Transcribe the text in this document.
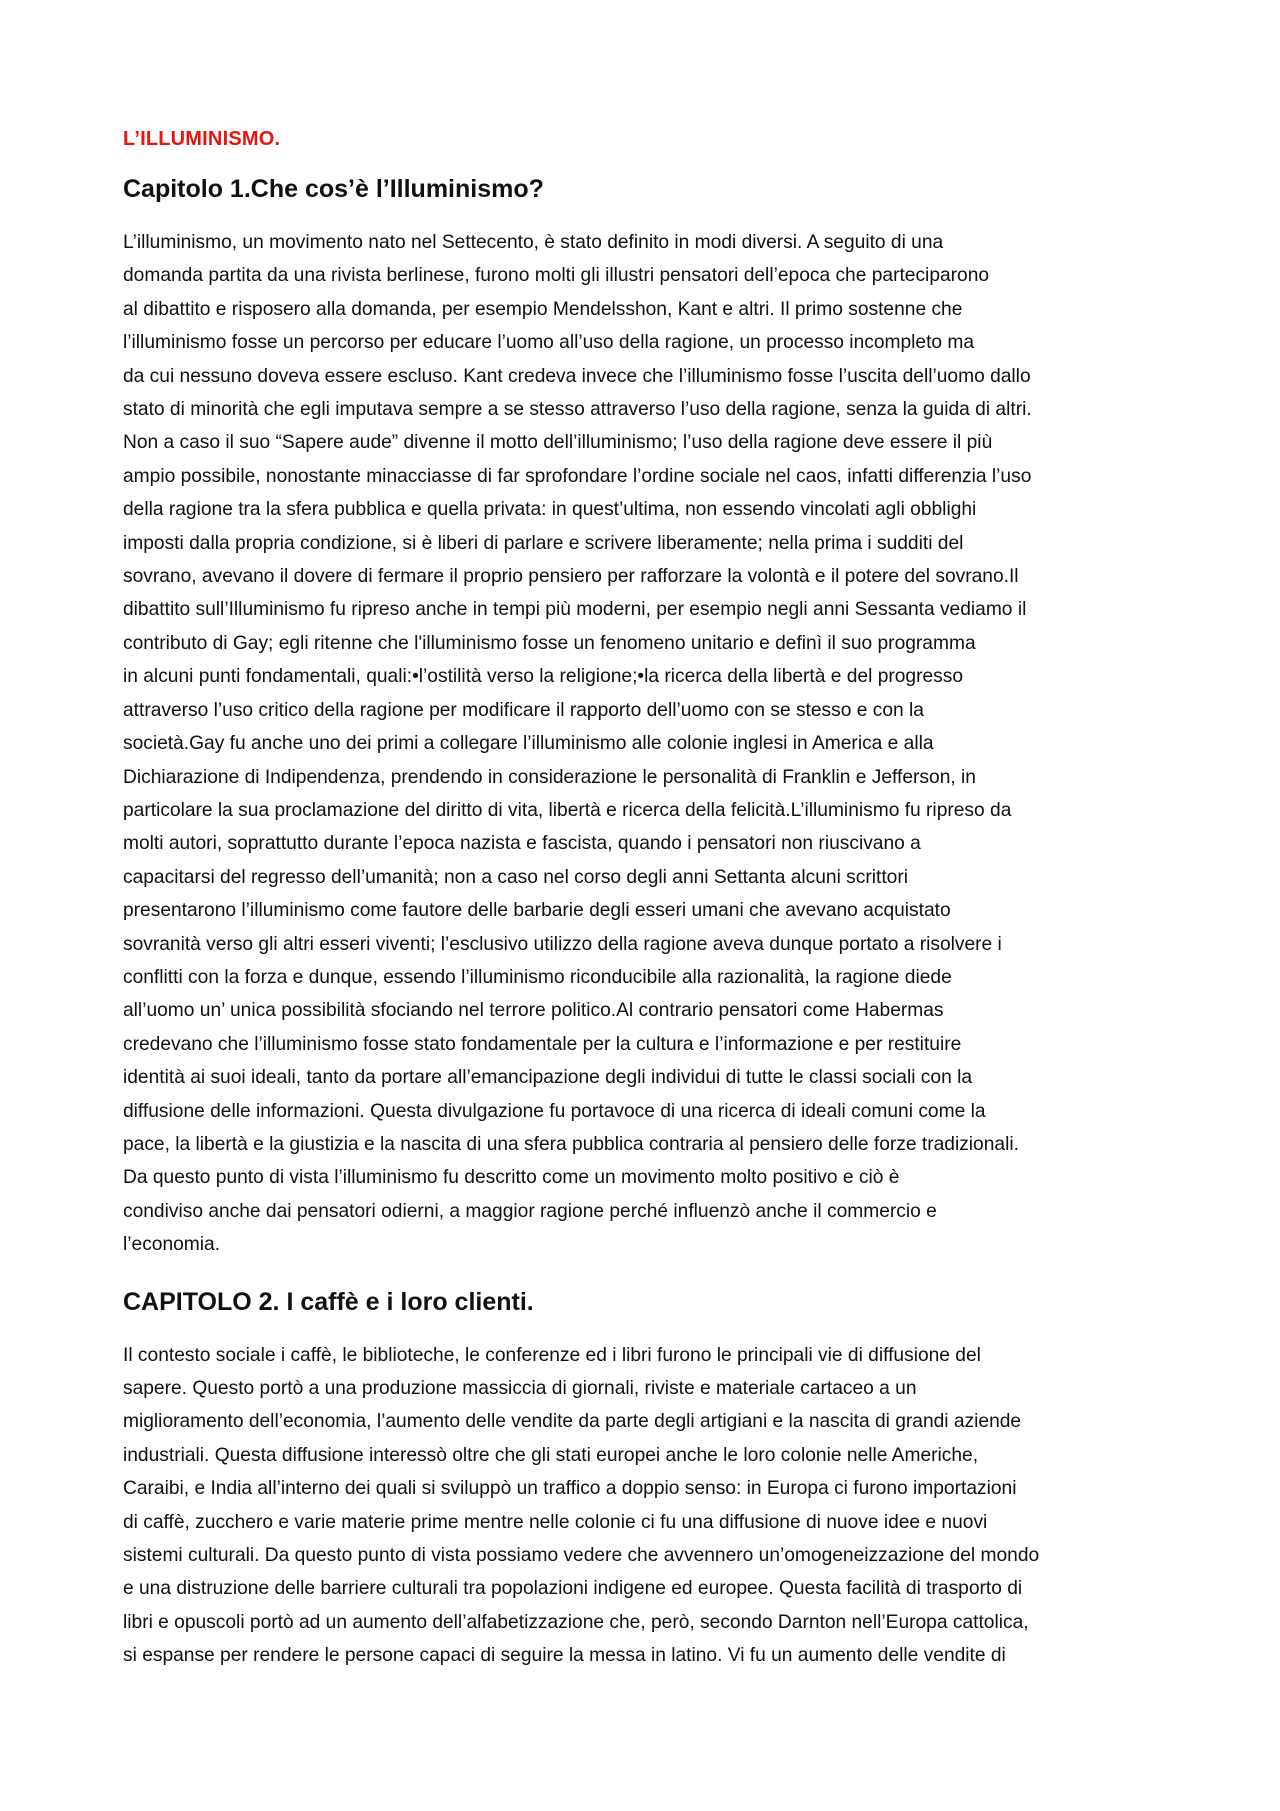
L’ILLUMINISMO.
Capitolo 1.Che cos’è l’Illuminismo?
L’illuminismo, un movimento nato nel Settecento, è stato definito in modi diversi. A seguito di una
domanda partita da una rivista berlinese, furono molti gli illustri pensatori dell’epoca che parteciparono
al dibattito e risposero alla domanda, per esempio Mendelsshon, Kant e altri. Il primo sostenne che
l’illuminismo fosse un percorso per educare l’uomo all’uso della ragione, un processo incompleto ma
da cui nessuno doveva essere escluso. Kant credeva invece che l’illuminismo fosse l’uscita dell’uomo dallo
stato di minorità che egli imputava sempre a se stesso attraverso l’uso della ragione, senza la guida di altri.
Non a caso il suo “Sapere aude” divenne il motto dell’illuminismo; l’uso della ragione deve essere il più
ampio possibile, nonostante minacciasse di far sprofondare l’ordine sociale nel caos, infatti differenzia l’uso
della ragione tra la sfera pubblica e quella privata: in quest’ultima, non essendo vincolati agli obblighi
imposti dalla propria condizione, si è liberi di parlare e scrivere liberamente; nella prima i sudditi del
sovrano, avevano il dovere di fermare il proprio pensiero per rafforzare la volontà e il potere del sovrano.Il
dibattito sull’Illuminismo fu ripreso anche in tempi più moderni, per esempio negli anni Sessanta vediamo il
contributo di Gay; egli ritenne che l'illuminismo fosse un fenomeno unitario e definì il suo programma
in alcuni punti fondamentali, quali:•l’ostilità verso la religione;•la ricerca della libertà e del progresso
attraverso l’uso critico della ragione per modificare il rapporto dell’uomo con se stesso e con la
società.Gay fu anche uno dei primi a collegare l’illuminismo alle colonie inglesi in America e alla
Dichiarazione di Indipendenza, prendendo in considerazione le personalità di Franklin e Jefferson, in
particolare la sua proclamazione del diritto di vita, libertà e ricerca della felicità.L’illuminismo fu ripreso da
molti autori, soprattutto durante l’epoca nazista e fascista, quando i pensatori non riuscivano a
capacitarsi del regresso dell’umanità; non a caso nel corso degli anni Settanta alcuni scrittori
presentarono l’illuminismo come fautore delle barbarie degli esseri umani che avevano acquistato
sovranità verso gli altri esseri viventi; l’esclusivo utilizzo della ragione aveva dunque portato a risolvere i
conflitti con la forza e dunque, essendo l’illuminismo riconducibile alla razionalità, la ragione diede
all’uomo un’ unica possibilità sfociando nel terrore politico.Al contrario pensatori come Habermas
credevano che l’illuminismo fosse stato fondamentale per la cultura e l’informazione e per restituire
identità ai suoi ideali, tanto da portare all’emancipazione degli individui di tutte le classi sociali con la
diffusione delle informazioni. Questa divulgazione fu portavoce di una ricerca di ideali comuni come la
pace, la libertà e la giustizia e la nascita di una sfera pubblica contraria al pensiero delle forze tradizionali.
Da questo punto di vista l’illuminismo fu descritto come un movimento molto positivo e ciò è
condiviso anche dai pensatori odierni, a maggior ragione perché influenzò anche il commercio e
l’economia.
CAPITOLO 2. I caffè e i loro clienti.
Il contesto sociale i caffè, le biblioteche, le conferenze ed i libri furono le principali vie di diffusione del
sapere. Questo portò a una produzione massiccia di giornali, riviste e materiale cartaceo a un
miglioramento dell’economia, l’aumento delle vendite da parte degli artigiani e la nascita di grandi aziende
industriali. Questa diffusione interessò oltre che gli stati europei anche le loro colonie nelle Americhe,
Caraibi, e India all’interno dei quali si sviluppò un traffico a doppio senso: in Europa ci furono importazioni
di caffè, zucchero e varie materie prime mentre nelle colonie ci fu una diffusione di nuove idee e nuovi
sistemi culturali. Da questo punto di vista possiamo vedere che avvennero un’omogeneizzazione del mondo
e una distruzione delle barriere culturali tra popolazioni indigene ed europee. Questa facilità di trasporto di
libri e opuscoli portò ad un aumento dell’alfabetizzazione che, però, secondo Darnton nell’Europa cattolica,
si espanse per rendere le persone capaci di seguire la messa in latino. Vi fu un aumento delle vendite di
